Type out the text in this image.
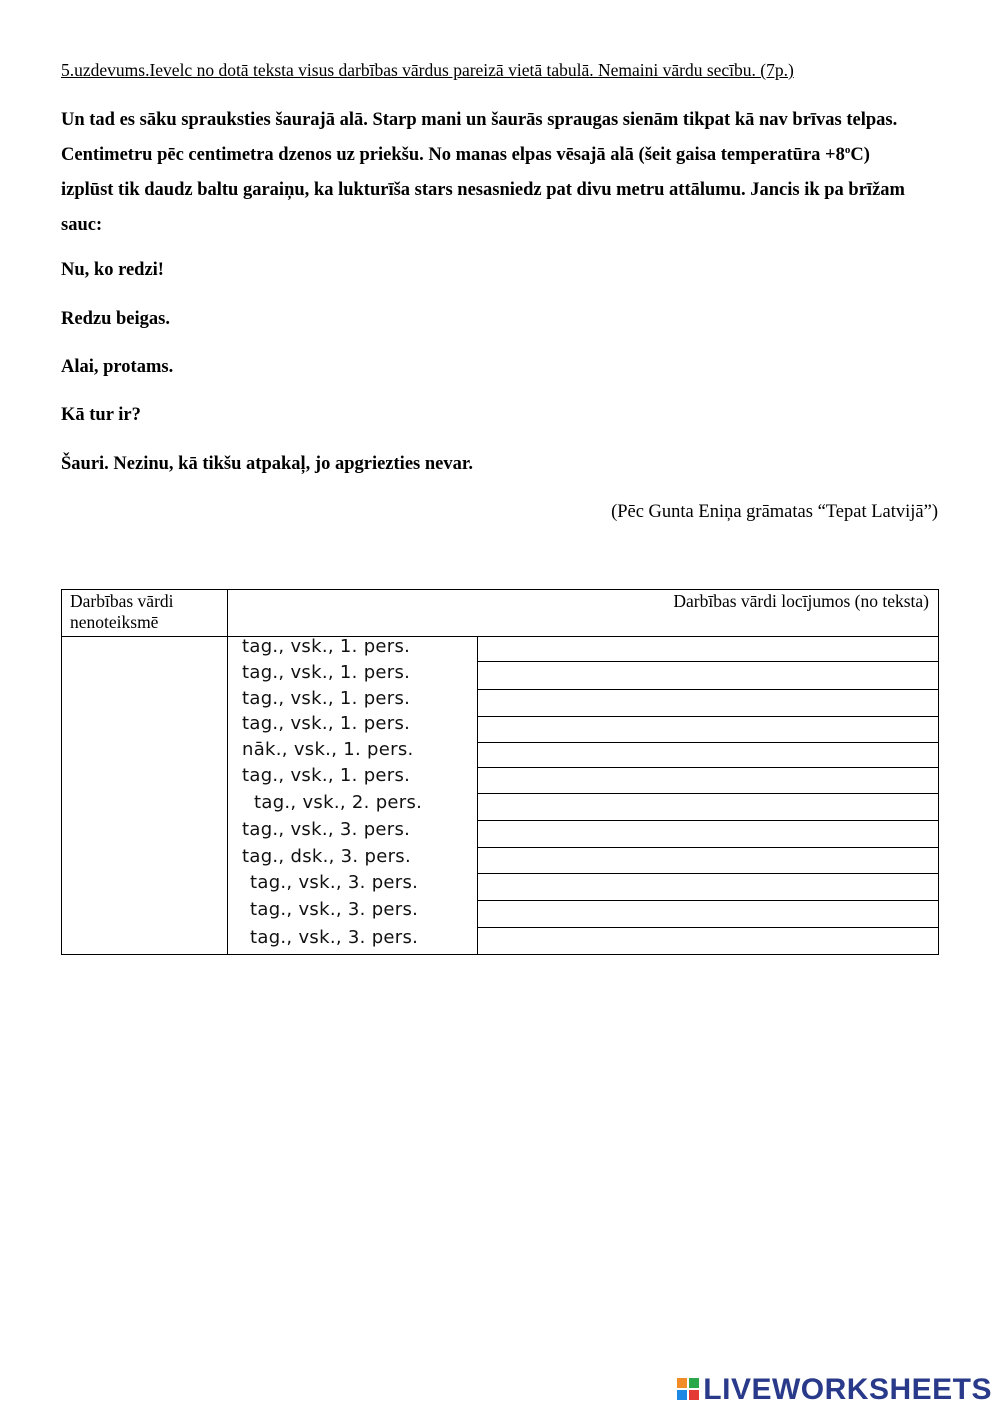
5.uzdevums.Ievelc no dotā teksta visus darbības vārdus pareizā vietā tabulā. Nemaini vārdu secību. (7p.)

Un tad es sāku sprauksties šaurajā alā. Starp mani un šaurās spraugas sienām tikpat kā nav brīvas telpas. Centimetru pēc centimetra dzenos uz priekšu. No manas elpas vēsajā alā (šeit gaisa temperatūra $+8^oC$) izplūst tik daudz baltu garaiņu, ka lukturīša stars nesasniedz pat divu metru attālumu. Jancis ik pa brīžam sauc:

Nu, ko redzi!

Redzu beigas.

Alai, protams.

Kā tur ir?

Šauri. Nezinu, kā tikšu atpakaļ, jo apgriezties nevar.

(Pēc Gunta Eniņa grāmatas “Tepat Latvijā”)

Darbības vārdi nenoteiksmē
Darbības vārdi locījumos (no teksta)
tag., vsk., 1. pers.
tag., vsk., 1. pers.
tag., vsk., 1. pers.
tag., vsk., 1. pers.
nāk., vsk., 1. pers.
tag., vsk., 1. pers.
tag., vsk., 2. pers.
tag., vsk., 3. pers.
tag., dsk., 3. pers.
tag., vsk., 3. pers.
tag., vsk., 3. pers.
tag., vsk., 3. pers.
LIVEWORKSHEETS
